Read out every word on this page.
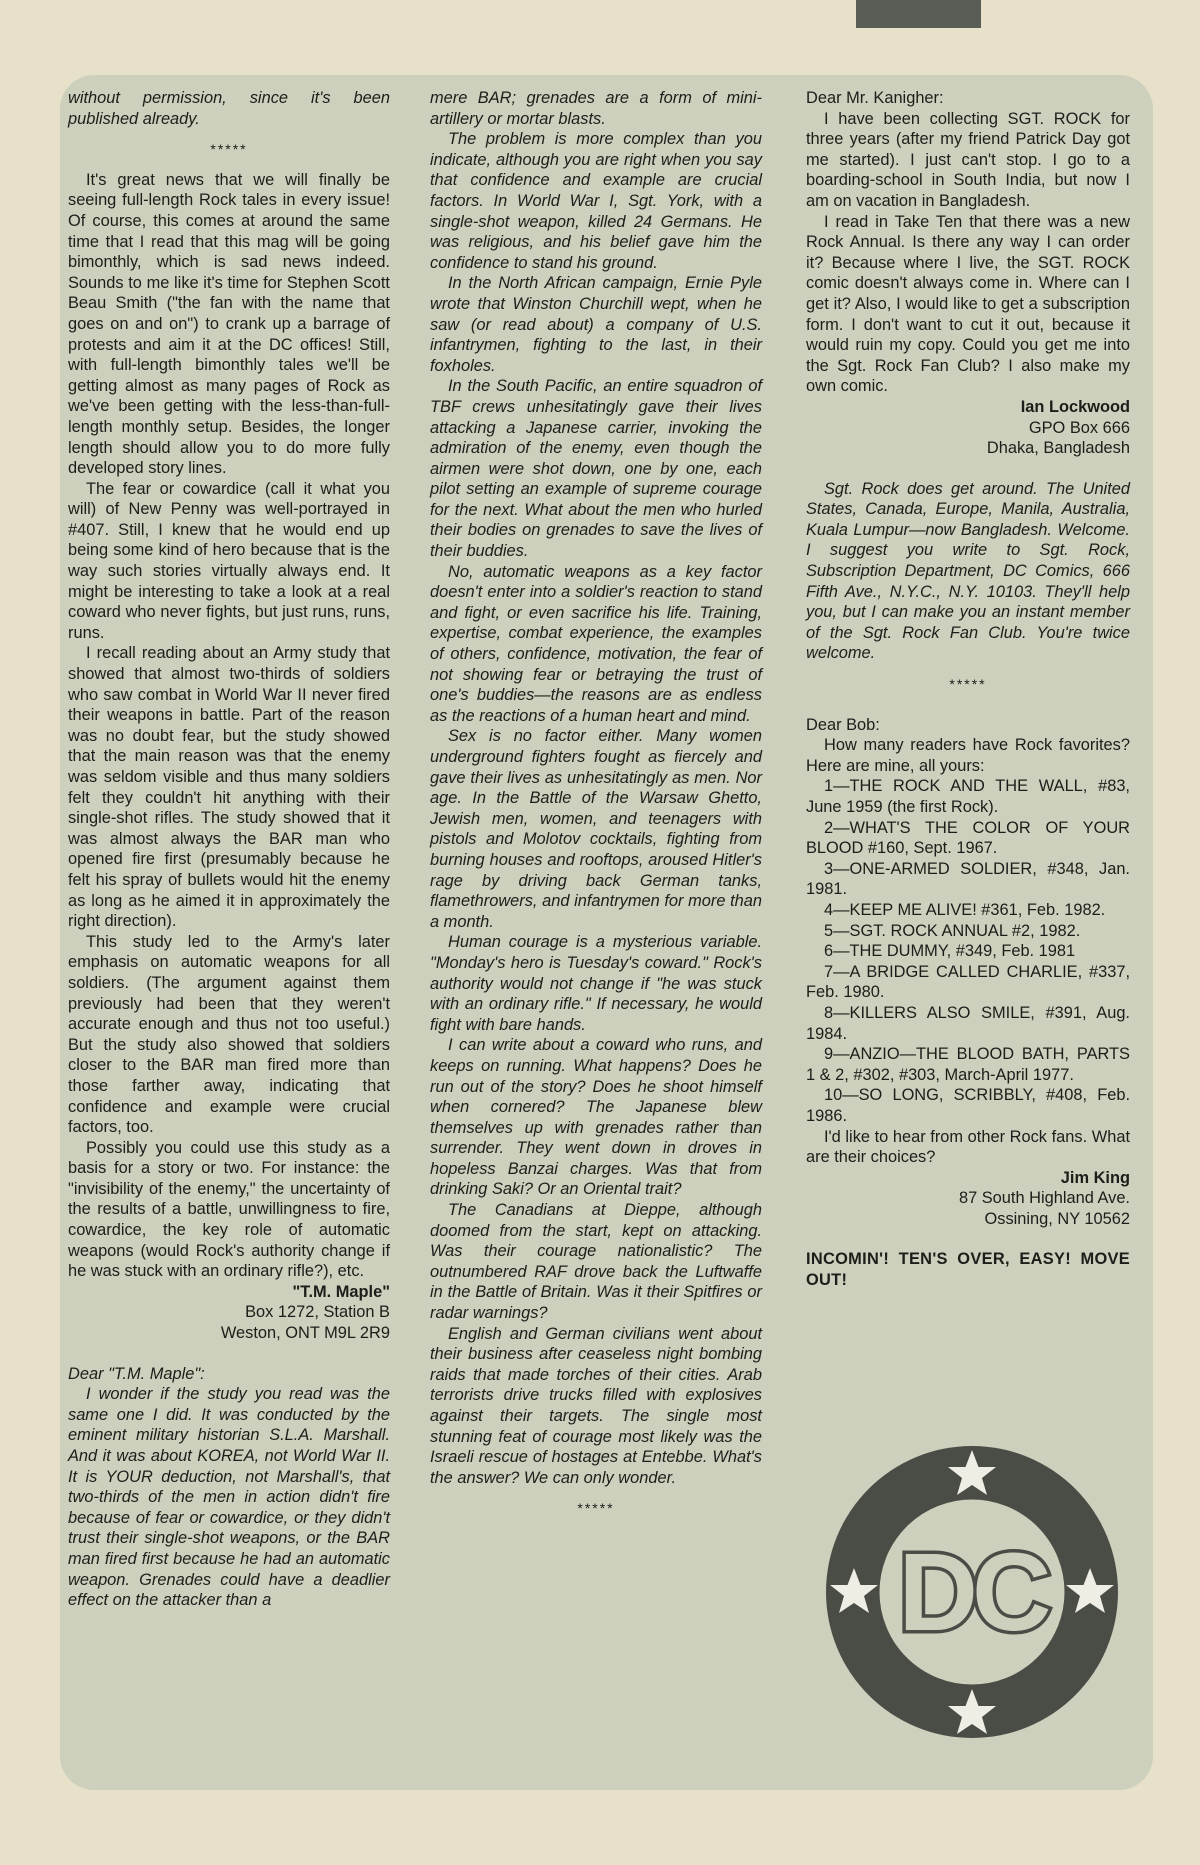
without permission, since it's been published already.

*****

It's great news that we will finally be seeing full-length Rock tales in every issue! Of course, this comes at around the same time that I read that this mag will be going bimonthly, which is sad news indeed. Sounds to me like it's time for Stephen Scott Beau Smith ("the fan with the name that goes on and on") to crank up a barrage of protests and aim it at the DC offices! Still, with full-length bimonthly tales we'll be getting almost as many pages of Rock as we've been getting with the less-than-full-length monthly setup. Besides, the longer length should allow you to do more fully developed story lines.

The fear or cowardice (call it what you will) of New Penny was well-portrayed in #407. Still, I knew that he would end up being some kind of hero because that is the way such stories virtually always end. It might be interesting to take a look at a real coward who never fights, but just runs, runs, runs.

I recall reading about an Army study that showed that almost two-thirds of soldiers who saw combat in World War II never fired their weapons in battle. Part of the reason was no doubt fear, but the study showed that the main reason was that the enemy was seldom visible and thus many soldiers felt they couldn't hit anything with their single-shot rifles. The study showed that it was almost always the BAR man who opened fire first (presumably because he felt his spray of bullets would hit the enemy as long as he aimed it in approximately the right direction).

This study led to the Army's later emphasis on automatic weapons for all soldiers. (The argument against them previously had been that they weren't accurate enough and thus not too useful.) But the study also showed that soldiers closer to the BAR man fired more than those farther away, indicating that confidence and example were crucial factors, too.

Possibly you could use this study as a basis for a story or two. For instance: the "invisibility of the enemy," the uncertainty of the results of a battle, unwillingness to fire, cowardice, the key role of automatic weapons (would Rock's authority change if he was stuck with an ordinary rifle?), etc.

"T.M. Maple"

Box 1272, Station B

Weston, ONT M9L 2R9

Dear "T.M. Maple":

I wonder if the study you read was the same one I did. It was conducted by the eminent military historian S.L.A. Marshall. And it was about KOREA, not World War II. It is YOUR deduction, not Marshall's, that two-thirds of the men in action didn't fire because of fear or cowardice, or they didn't trust their single-shot weapons, or the BAR man fired first because he had an automatic weapon. Grenades could have a deadlier effect on the attacker than a

mere BAR; grenades are a form of mini-artillery or mortar blasts.

The problem is more complex than you indicate, although you are right when you say that confidence and example are crucial factors. In World War I, Sgt. York, with a single-shot weapon, killed 24 Germans. He was religious, and his belief gave him the confidence to stand his ground.

In the North African campaign, Ernie Pyle wrote that Winston Churchill wept, when he saw (or read about) a company of U.S. infantrymen, fighting to the last, in their foxholes.

In the South Pacific, an entire squadron of TBF crews unhesitatingly gave their lives attacking a Japanese carrier, invoking the admiration of the enemy, even though the airmen were shot down, one by one, each pilot setting an example of supreme courage for the next. What about the men who hurled their bodies on grenades to save the lives of their buddies.

No, automatic weapons as a key factor doesn't enter into a soldier's reaction to stand and fight, or even sacrifice his life. Training, expertise, combat experience, the examples of others, confidence, motivation, the fear of not showing fear or betraying the trust of one's buddies—the reasons are as endless as the reactions of a human heart and mind.

Sex is no factor either. Many women underground fighters fought as fiercely and gave their lives as unhesitatingly as men. Nor age. In the Battle of the Warsaw Ghetto, Jewish men, women, and teenagers with pistols and Molotov cocktails, fighting from burning houses and rooftops, aroused Hitler's rage by driving back German tanks, flamethrowers, and infantrymen for more than a month.

Human courage is a mysterious variable. "Monday's hero is Tuesday's coward." Rock's authority would not change if "he was stuck with an ordinary rifle." If necessary, he would fight with bare hands.

I can write about a coward who runs, and keeps on running. What happens? Does he run out of the story? Does he shoot himself when cornered? The Japanese blew themselves up with grenades rather than surrender. They went down in droves in hopeless Banzai charges. Was that from drinking Saki? Or an Oriental trait?

The Canadians at Dieppe, although doomed from the start, kept on attacking. Was their courage nationalistic? The outnumbered RAF drove back the Luftwaffe in the Battle of Britain. Was it their Spitfires or radar warnings?

English and German civilians went about their business after ceaseless night bombing raids that made torches of their cities. Arab terrorists drive trucks filled with explosives against their targets. The single most stunning feat of courage most likely was the Israeli rescue of hostages at Entebbe. What's the answer? We can only wonder.

*****

Dear Mr. Kanigher:

I have been collecting SGT. ROCK for three years (after my friend Patrick Day got me started). I just can't stop. I go to a boarding-school in South India, but now I am on vacation in Bangladesh.

I read in Take Ten that there was a new Rock Annual. Is there any way I can order it? Because where I live, the SGT. ROCK comic doesn't always come in. Where can I get it? Also, I would like to get a subscription form. I don't want to cut it out, because it would ruin my copy. Could you get me into the Sgt. Rock Fan Club? I also make my own comic.

Ian Lockwood

GPO Box 666

Dhaka, Bangladesh

Sgt. Rock does get around. The United States, Canada, Europe, Manila, Australia, Kuala Lumpur—now Bangladesh. Welcome. I suggest you write to Sgt. Rock, Subscription Department, DC Comics, 666 Fifth Ave., N.Y.C., N.Y. 10103. They'll help you, but I can make you an instant member of the Sgt. Rock Fan Club. You're twice welcome.

*****

Dear Bob:

How many readers have Rock favorites? Here are mine, all yours:

1—THE ROCK AND THE WALL, #83, June 1959 (the first Rock).

2—WHAT'S THE COLOR OF YOUR BLOOD #160, Sept. 1967.

3—ONE-ARMED SOLDIER, #348, Jan. 1981.

4—KEEP ME ALIVE! #361, Feb. 1982.

5—SGT. ROCK ANNUAL #2, 1982.

6—THE DUMMY, #349, Feb. 1981

7—A BRIDGE CALLED CHARLIE, #337, Feb. 1980.

8—KILLERS ALSO SMILE, #391, Aug. 1984.

9—ANZIO—THE BLOOD BATH, PARTS 1 & 2, #302, #303, March-April 1977.

10—SO LONG, SCRIBBLY, #408, Feb. 1986.

I'd like to hear from other Rock fans. What are their choices?

Jim King

87 South Highland Ave.

Ossining, NY 10562

INCOMIN'! TEN'S OVER, EASY! MOVE OUT!

DC
